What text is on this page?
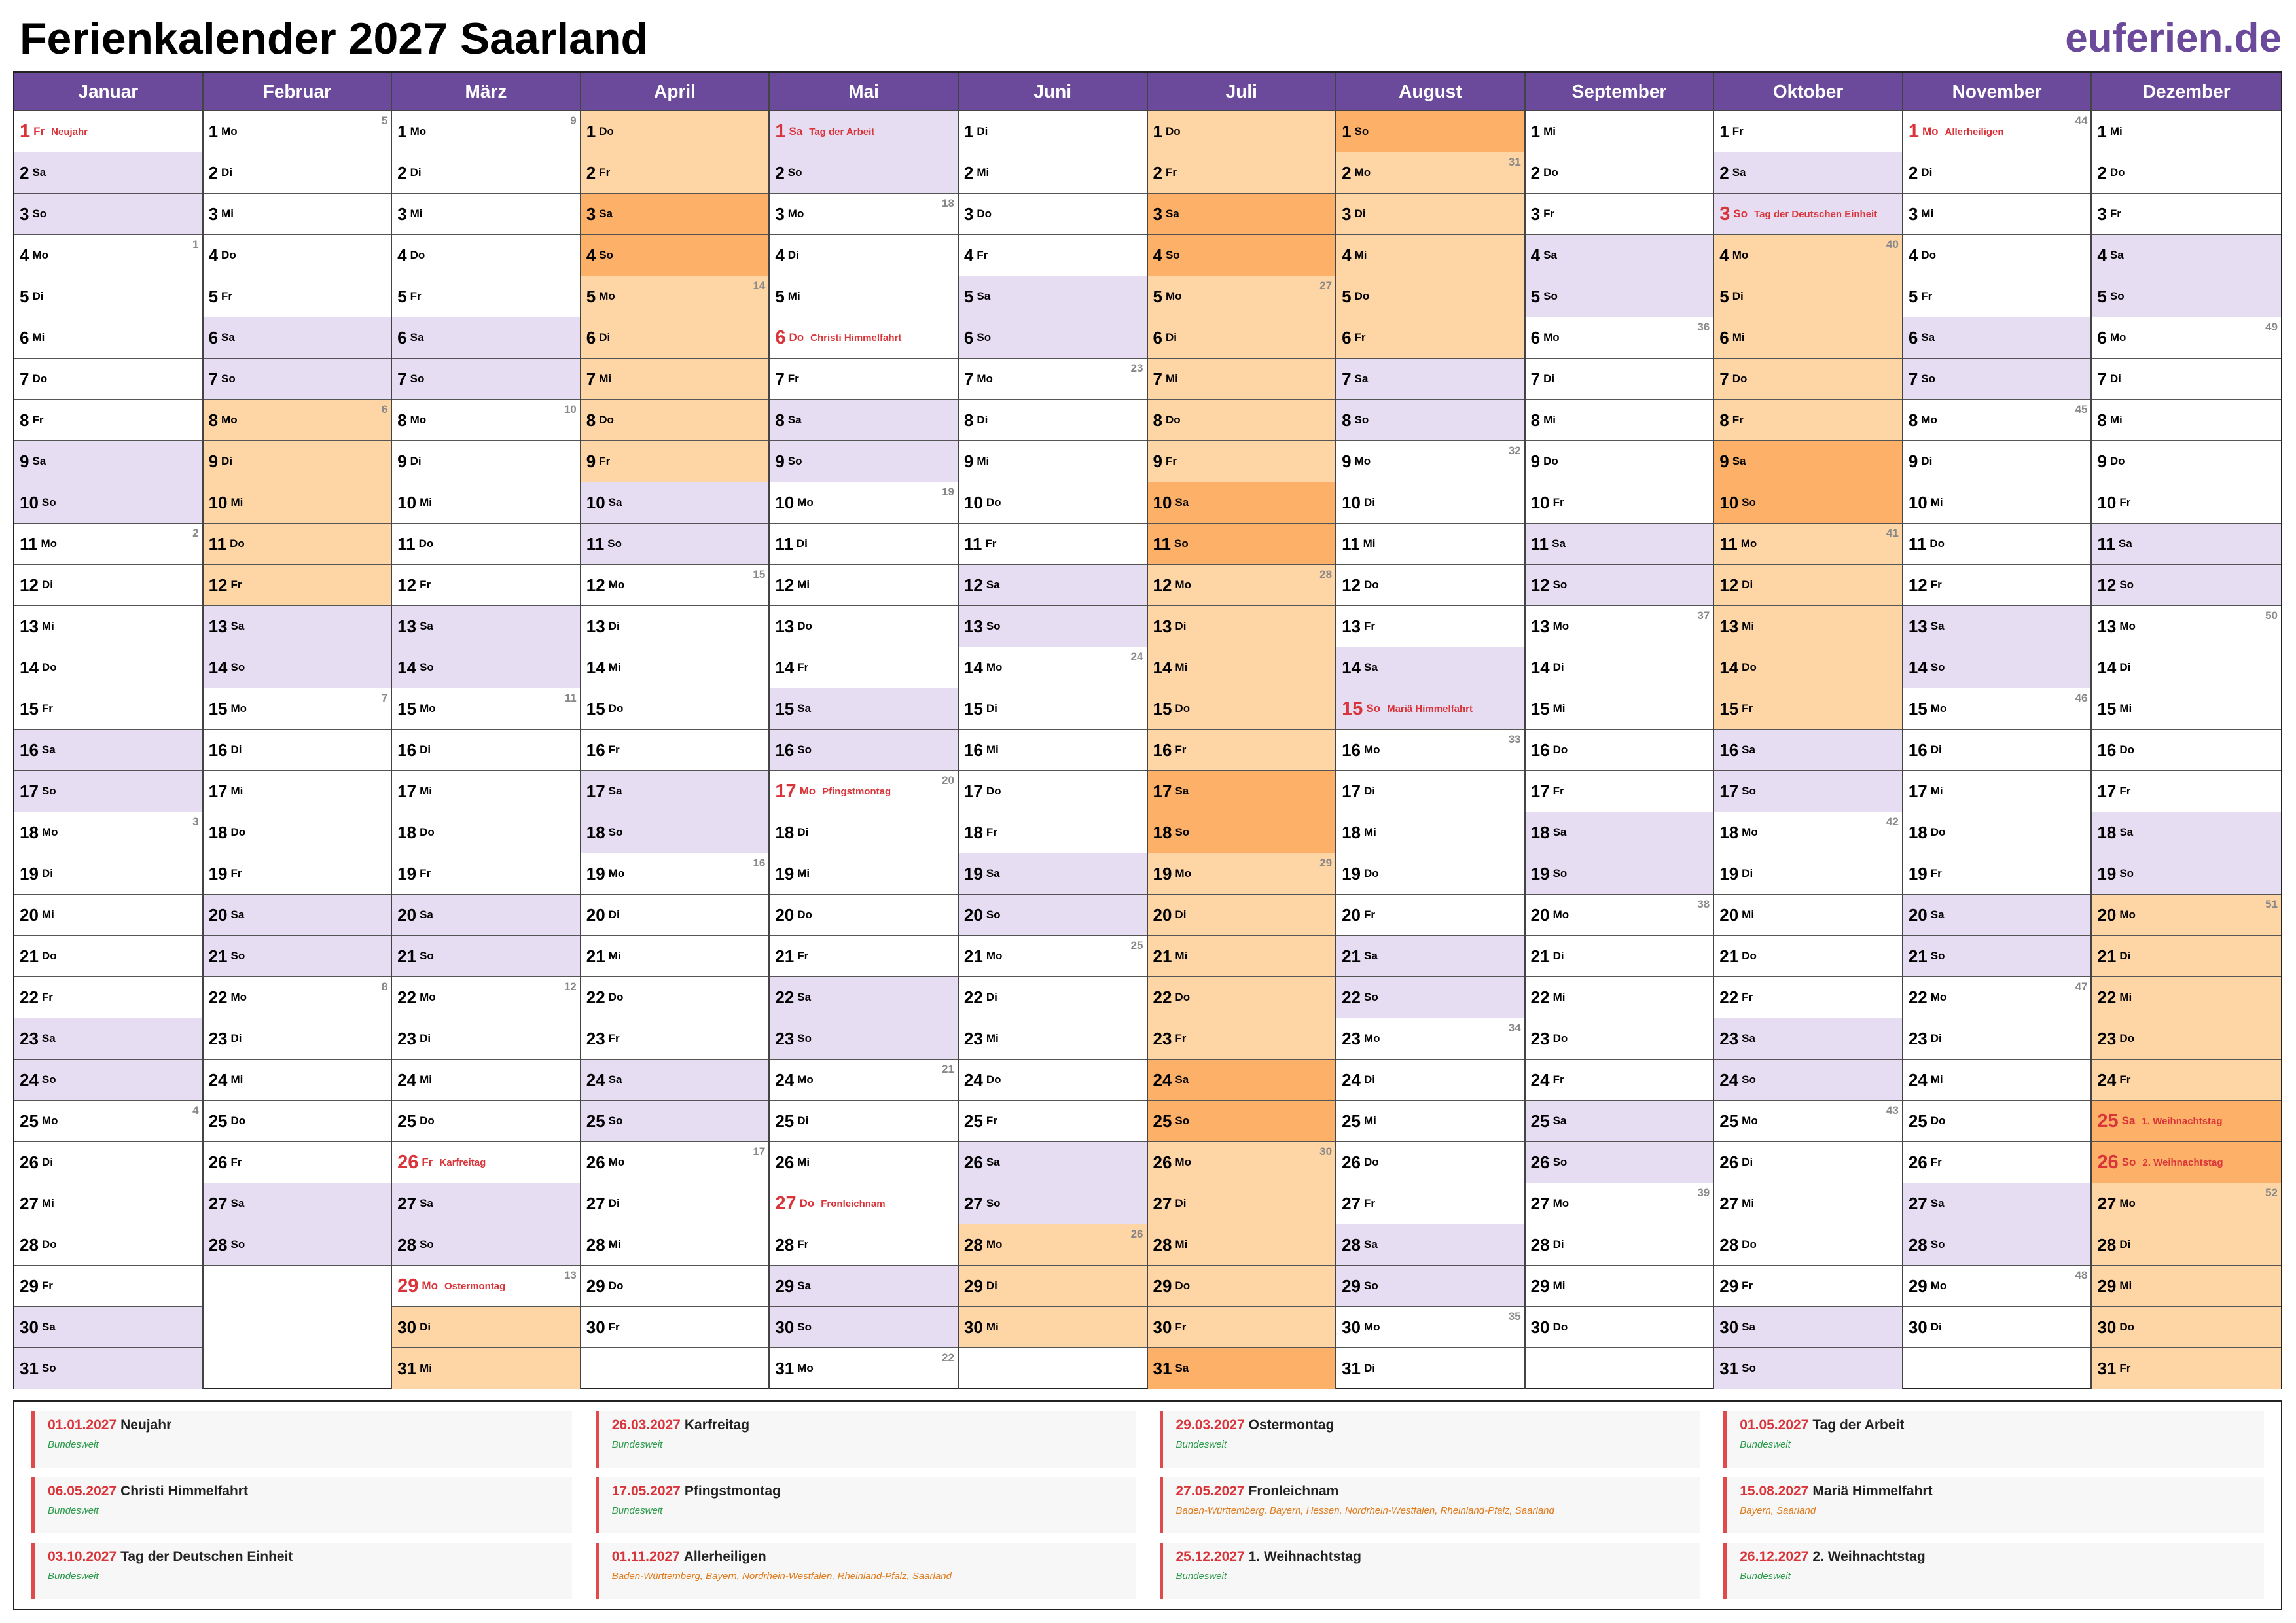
Ferienkalender 2027 Saarland	euferien.de
Januar
1 Fr Neujahr
2 Sa
3 So
4 Mo
1
5 Di
6 Mi
7 Do
8 Fr
9 Sa
10 So
11 Mo
2
12 Di
13 Mi
14 Do
15 Fr
16 Sa
17 So
18 Mo
3
19 Di
20 Mi
21 Do
22 Fr
23 Sa
24 So
25 Mo
4
26 Di
27 Mi
28 Do
29 Fr
30 Sa
31 So
Februar
1 Mo
5
2 Di
3 Mi
4 Do
5 Fr
6 Sa
7 So
8 Mo
6
9 Di
10 Mi
11 Do
12 Fr
13 Sa
14 So
15 Mo
7
16 Di
17 Mi
18 Do
19 Fr
20 Sa
21 So
22 Mo
8
23 Di
24 Mi
25 Do
26 Fr
27 Sa
28 So
März
1 Mo
9
2 Di
3 Mi
4 Do
5 Fr
6 Sa
7 So
8 Mo
10
9 Di
10 Mi
11 Do
12 Fr
13 Sa
14 So
15 Mo
11
16 Di
17 Mi
18 Do
19 Fr
20 Sa
21 So
22 Mo
12
23 Di
24 Mi
25 Do
26 Fr Karfreitag
27 Sa
28 So
29 Mo Ostermontag
13
30 Di
31 Mi
April
1 Do
2 Fr
3 Sa
4 So
5 Mo
14
6 Di
7 Mi
8 Do
9 Fr
10 Sa
11 So
12 Mo
15
13 Di
14 Mi
15 Do
16 Fr
17 Sa
18 So
19 Mo
16
20 Di
21 Mi
22 Do
23 Fr
24 Sa
25 So
26 Mo
17
27 Di
28 Mi
29 Do
30 Fr
Mai
1 Sa Tag der Arbeit
2 So
3 Mo
18
4 Di
5 Mi
6 Do Christi Himmelfahrt
7 Fr
8 Sa
9 So
10 Mo
19
11 Di
12 Mi
13 Do
14 Fr
15 Sa
16 So
17 Mo Pfingstmontag
20
18 Di
19 Mi
20 Do
21 Fr
22 Sa
23 So
24 Mo
21
25 Di
26 Mi
27 Do Fronleichnam
28 Fr
29 Sa
30 So
31 Mo
22
Juni
1 Di
2 Mi
3 Do
4 Fr
5 Sa
6 So
7 Mo
23
8 Di
9 Mi
10 Do
11 Fr
12 Sa
13 So
14 Mo
24
15 Di
16 Mi
17 Do
18 Fr
19 Sa
20 So
21 Mo
25
22 Di
23 Mi
24 Do
25 Fr
26 Sa
27 So
28 Mo
26
29 Di
30 Mi
Juli
1 Do
2 Fr
3 Sa
4 So
5 Mo
27
6 Di
7 Mi
8 Do
9 Fr
10 Sa
11 So
12 Mo
28
13 Di
14 Mi
15 Do
16 Fr
17 Sa
18 So
19 Mo
29
20 Di
21 Mi
22 Do
23 Fr
24 Sa
25 So
26 Mo
30
27 Di
28 Mi
29 Do
30 Fr
31 Sa
August
1 So
2 Mo
31
3 Di
4 Mi
5 Do
6 Fr
7 Sa
8 So
9 Mo
32
10 Di
11 Mi
12 Do
13 Fr
14 Sa
15 So Mariä Himmelfahrt
16 Mo
33
17 Di
18 Mi
19 Do
20 Fr
21 Sa
22 So
23 Mo
34
24 Di
25 Mi
26 Do
27 Fr
28 Sa
29 So
30 Mo
35
31 Di
September
1 Mi
2 Do
3 Fr
4 Sa
5 So
6 Mo
36
7 Di
8 Mi
9 Do
10 Fr
11 Sa
12 So
13 Mo
37
14 Di
15 Mi
16 Do
17 Fr
18 Sa
19 So
20 Mo
38
21 Di
22 Mi
23 Do
24 Fr
25 Sa
26 So
27 Mo
39
28 Di
29 Mi
30 Do
Oktober
1 Fr
2 Sa
3 So Tag der Deutschen Einheit
4 Mo
40
5 Di
6 Mi
7 Do
8 Fr
9 Sa
10 So
11 Mo
41
12 Di
13 Mi
14 Do
15 Fr
16 Sa
17 So
18 Mo
42
19 Di
20 Mi
21 Do
22 Fr
23 Sa
24 So
25 Mo
43
26 Di
27 Mi
28 Do
29 Fr
30 Sa
31 So
November
1 Mo Allerheiligen
44
2 Di
3 Mi
4 Do
5 Fr
6 Sa
7 So
8 Mo
45
9 Di
10 Mi
11 Do
12 Fr
13 Sa
14 So
15 Mo
46
16 Di
17 Mi
18 Do
19 Fr
20 Sa
21 So
22 Mo
47
23 Di
24 Mi
25 Do
26 Fr
27 Sa
28 So
29 Mo
48
30 Di
Dezember
1 Mi
2 Do
3 Fr
4 Sa
5 So
6 Mo
49
7 Di
8 Mi
9 Do
10 Fr
11 Sa
12 So
13 Mo
50
14 Di
15 Mi
16 Do
17 Fr
18 Sa
19 So
20 Mo
51
21 Di
22 Mi
23 Do
24 Fr
25 Sa 1. Weihnachtstag
26 So 2. Weihnachtstag
27 Mo
52
28 Di
29 Mi
30 Do
31 Fr
01.01.2027 Neujahr
Bundesweit
26.03.2027 Karfreitag
Bundesweit
29.03.2027 Ostermontag
Bundesweit
01.05.2027 Tag der Arbeit
Bundesweit
06.05.2027 Christi Himmelfahrt
Bundesweit
17.05.2027 Pfingstmontag
Bundesweit
27.05.2027 Fronleichnam
Baden-Württemberg, Bayern, Hessen, Nordrhein-Westfalen, Rheinland-Pfalz, Saarland
15.08.2027 Mariä Himmelfahrt
Bayern, Saarland
03.10.2027 Tag der Deutschen Einheit
Bundesweit
01.11.2027 Allerheiligen
Baden-Württemberg, Bayern, Nordrhein-Westfalen, Rheinland-Pfalz, Saarland
25.12.2027 1. Weihnachtstag
Bundesweit
26.12.2027 2. Weihnachtstag
Bundesweit
